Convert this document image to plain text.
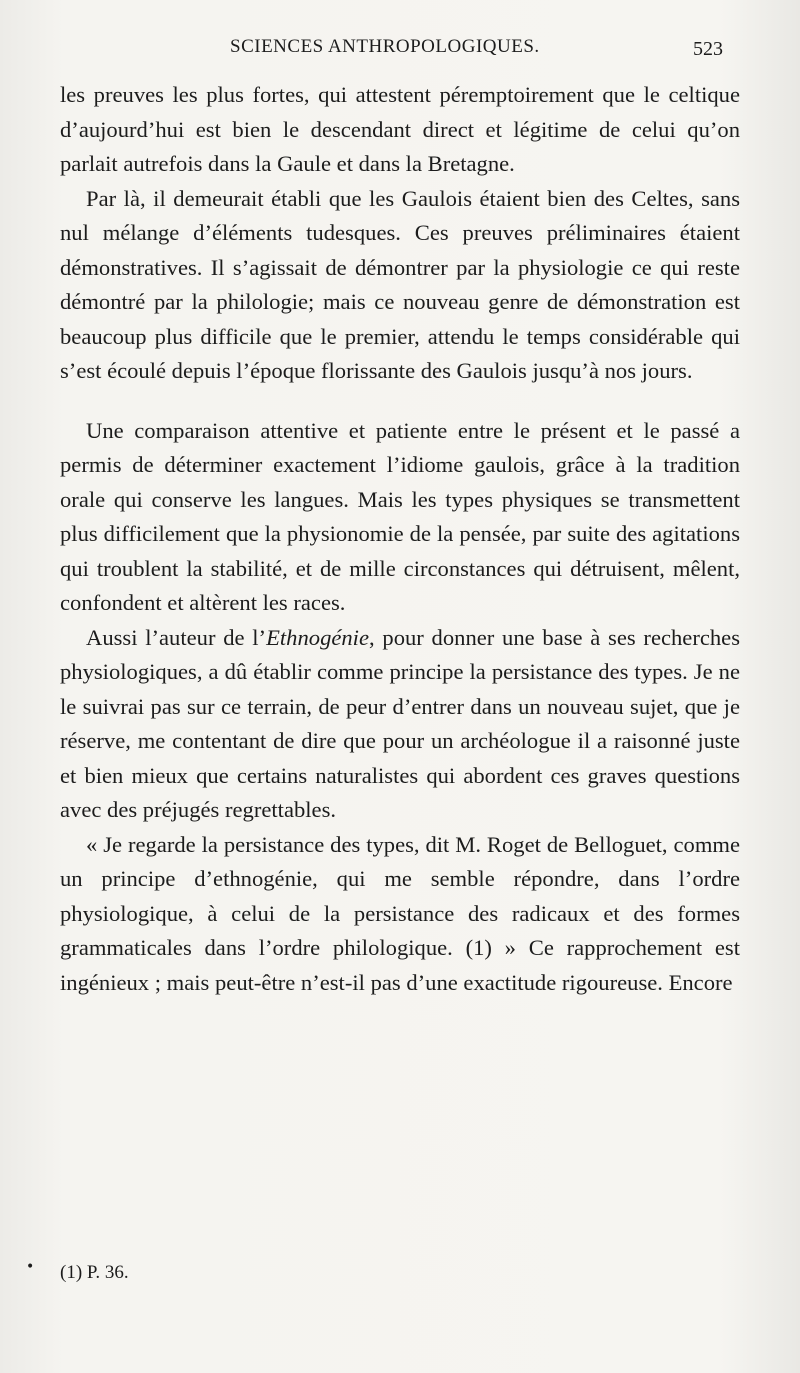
SCIENCES ANTHROPOLOGIQUES.	523

les preuves les plus fortes, qui attestent péremptoirement que le celtique d’aujourd’hui est bien le descendant direct et légitime de celui qu’on parlait autrefois dans la Gaule et dans la Bretagne.

Par là, il demeurait établi que les Gaulois étaient bien des Celtes, sans nul mélange d’éléments tudesques. Ces preuves préliminaires étaient démonstratives. Il s’agissait de démontrer par la physiologie ce qui reste démontré par la philologie; mais ce nouveau genre de démonstration est beaucoup plus difficile que le premier, attendu le temps considérable qui s’est écoulé depuis l’époque florissante des Gaulois jusqu’à nos jours.

Une comparaison attentive et patiente entre le présent et le passé a permis de déterminer exactement l’idiome gaulois, grâce à la tradition orale qui conserve les langues. Mais les types physiques se transmettent plus difficilement que la physionomie de la pensée, par suite des agitations qui troublent la stabilité, et de mille circonstances qui détruisent, mêlent, confondent et altèrent les races.

Aussi l’auteur de l’Ethnogénie, pour donner une base à ses recherches physiologiques, a dû établir comme principe la persistance des types. Je ne le suivrai pas sur ce terrain, de peur d’entrer dans un nouveau sujet, que je réserve, me contentant de dire que pour un archéologue il a raisonné juste et bien mieux que certains naturalistes qui abordent ces graves questions avec des préjugés regrettables.

« Je regarde la persistance des types, dit M. Roget de Belloguet, comme un principe d’ethnogénie, qui me semble répondre, dans l’ordre physiologique, à celui de la persistance des radicaux et des formes grammaticales dans l’ordre philologique. (1) » Ce rapprochement est ingénieux ; mais peut-être n’est-il pas d’une exactitude rigoureuse. Encore

• (1) P. 36.
